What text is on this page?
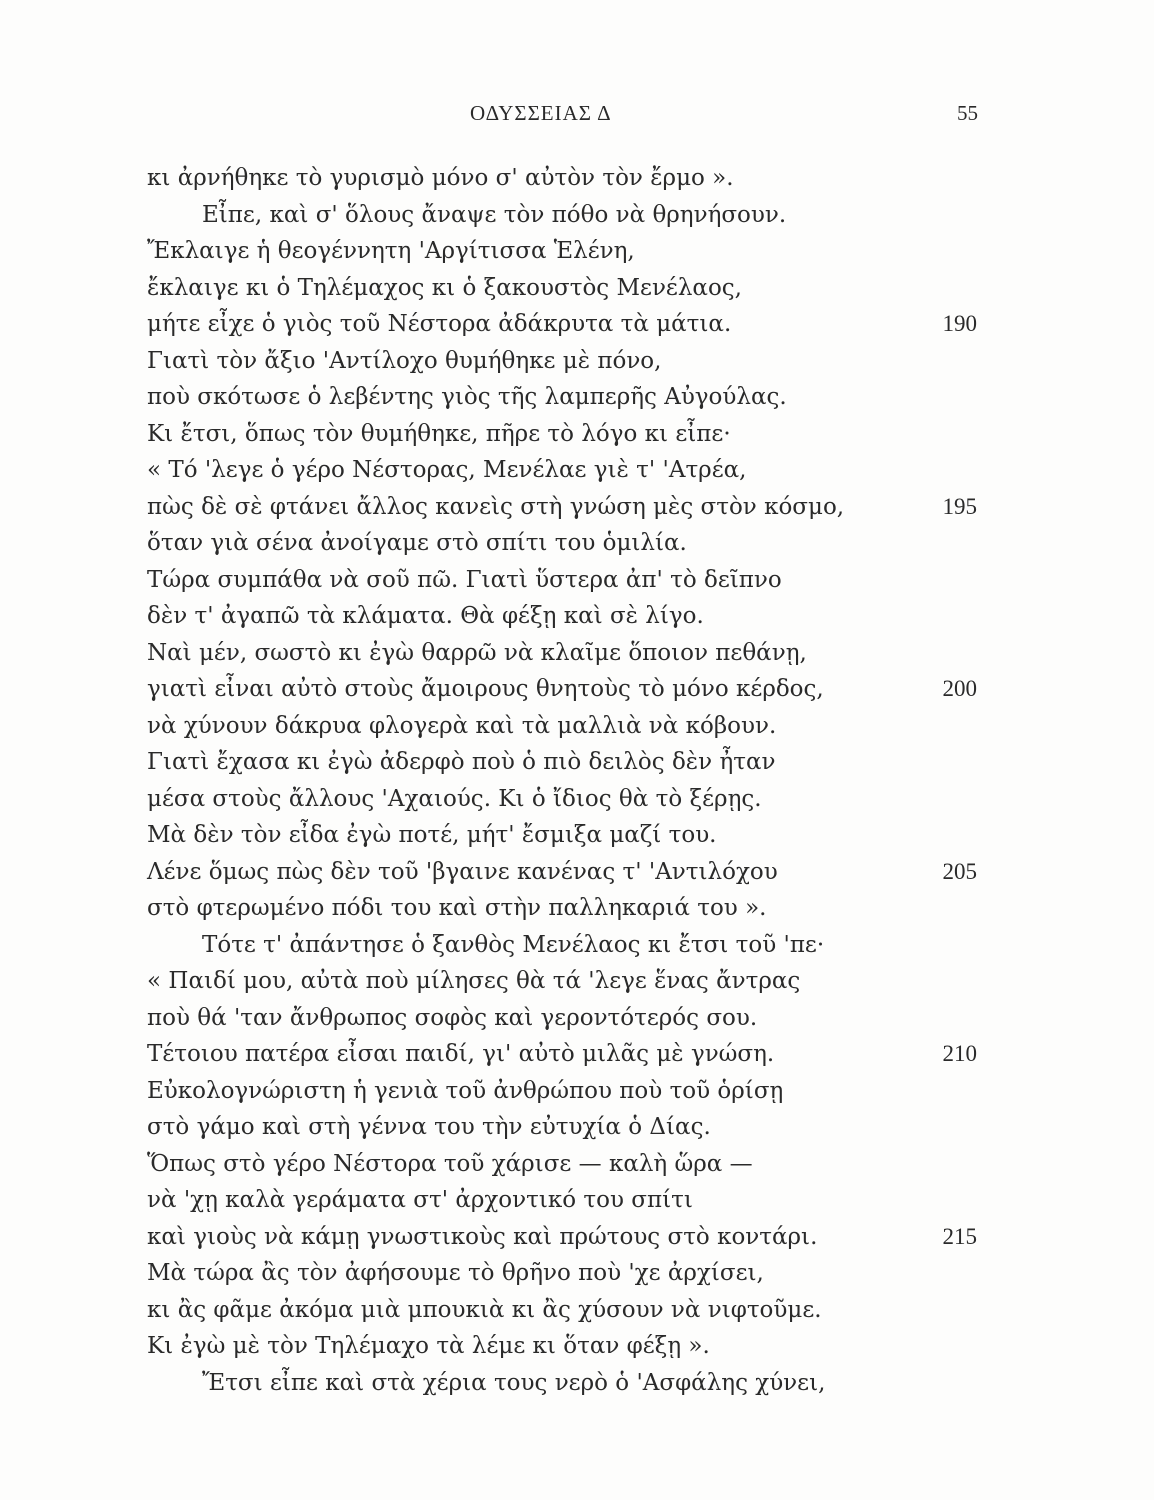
ΟΔΥΣΣΕΙΑΣ Δ	55
κι ἀρνήθηκε τὸ γυρισμὸ μόνο σ' αὐτὸν τὸν ἔρμο ».
Εἶπε, καὶ σ' ὅλους ἄναψε τὸν πόθο νὰ θρηνήσουν.
Ἔκλαιγε ἡ θεογέννητη 'Αργίτισσα Ἑλένη,
ἔκλαιγε κι ὁ Τηλέμαχος κι ὁ ξακουστὸς Μενέλαος,
μήτε εἶχε ὁ γιὸς τοῦ Νέστορα ἀδάκρυτα τὰ μάτια.	190
Γιατὶ τὸν ἄξιο 'Αντίλοχο θυμήθηκε μὲ πόνο,
ποὺ σκότωσε ὁ λεβέντης γιὸς τῆς λαμπερῆς Αὐγούλας.
Κι ἔτσι, ὅπως τὸν θυμήθηκε, πῆρε τὸ λόγο κι εἶπε·
« Τό 'λεγε ὁ γέρο Νέστορας, Μενέλαε γιὲ τ' 'Ατρέα,
πὼς δὲ σὲ φτάνει ἄλλος κανεὶς στὴ γνώση μὲς στὸν κόσμο,	195
ὅταν γιὰ σένα ἀνοίγαμε στὸ σπίτι του ὁμιλία.
Τώρα συμπάθα νὰ σοῦ πῶ. Γιατὶ ὕστερα ἀπ' τὸ δεῖπνο
δὲν τ' ἀγαπῶ τὰ κλάματα. Θὰ φέξῃ καὶ σὲ λίγο.
Ναὶ μέν, σωστὸ κι ἐγὼ θαρρῶ νὰ κλαῖμε ὅποιον πεθάνῃ,
γιατὶ εἶναι αὐτὸ στοὺς ἄμοιρους θνητοὺς τὸ μόνο κέρδος,	200
νὰ χύνουν δάκρυα φλογερὰ καὶ τὰ μαλλιὰ νὰ κόβουν.
Γιατὶ ἔχασα κι ἐγὼ ἀδερφὸ ποὺ ὁ πιὸ δειλὸς δὲν ἦταν
μέσα στοὺς ἄλλους 'Αχαιούς. Κι ὁ ἴδιος θὰ τὸ ξέρῃς.
Μὰ δὲν τὸν εἶδα ἐγὼ ποτέ, μήτ' ἔσμιξα μαζί του.
Λένε ὅμως πὼς δὲν τοῦ 'βγαινε κανένας τ' 'Αντιλόχου	205
στὸ φτερωμένο πόδι του καὶ στὴν παλληκαριά του ».
Τότε τ' ἀπάντησε ὁ ξανθὸς Μενέλαος κι ἔτσι τοῦ 'πε·
« Παιδί μου, αὐτὰ ποὺ μίλησες θὰ τά 'λεγε ἕνας ἄντρας
ποὺ θά 'ταν ἄνθρωπος σοφὸς καὶ γεροντότερός σου.
Τέτοιου πατέρα εἶσαι παιδί, γι' αὐτὸ μιλᾶς μὲ γνώση.	210
Εὐκολογνώριστη ἡ γενιὰ τοῦ ἀνθρώπου ποὺ τοῦ ὁρίσῃ
στὸ γάμο καὶ στὴ γέννα του τὴν εὐτυχία ὁ Δίας.
Ὅπως στὸ γέρο Νέστορα τοῦ χάρισε — καλὴ ὥρα —
νὰ 'χῃ καλὰ γεράματα στ' ἀρχοντικό του σπίτι
καὶ γιοὺς νὰ κάμῃ γνωστικοὺς καὶ πρώτους στὸ κοντάρι.	215
Μὰ τώρα ἂς τὸν ἀφήσουμε τὸ θρῆνο ποὺ 'χε ἀρχίσει,
κι ἂς φᾶμε ἀκόμα μιὰ μπουκιὰ κι ἂς χύσουν νὰ νιφτοῦμε.
Κι ἐγὼ μὲ τὸν Τηλέμαχο τὰ λέμε κι ὅταν φέξῃ ».
Ἔτσι εἶπε καὶ στὰ χέρια τους νερὸ ὁ 'Ασφάλης χύνει,
